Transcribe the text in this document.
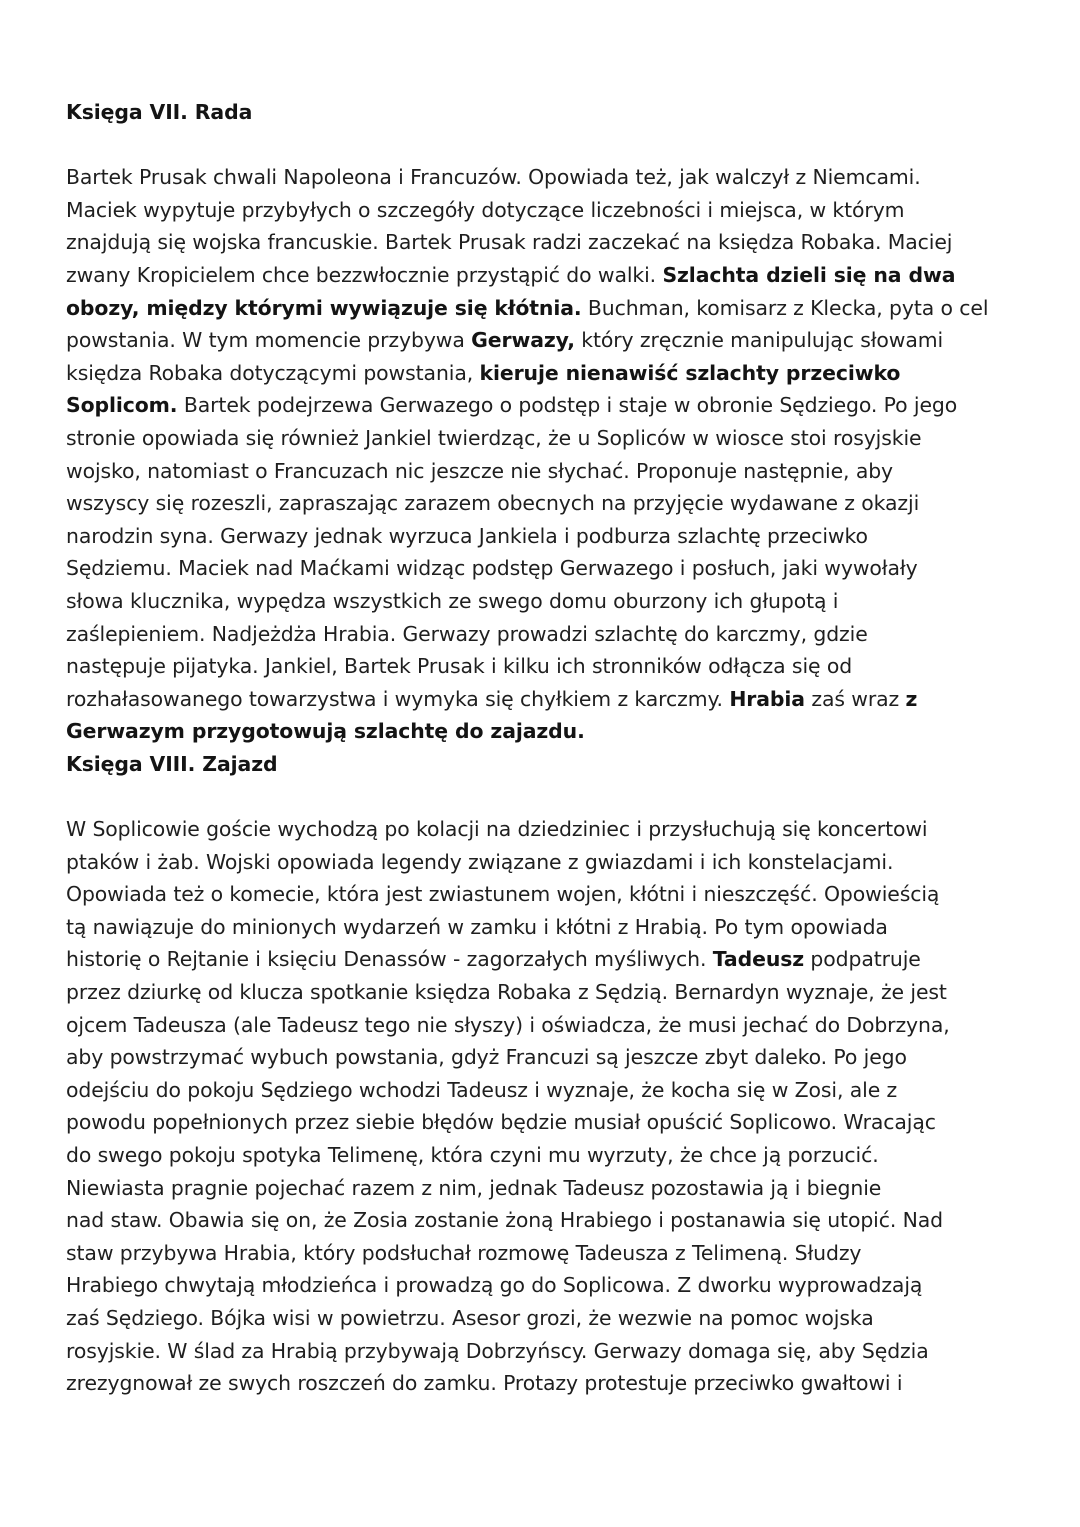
Księga VII. Rada

Bartek Prusak chwali Napoleona i Francuzów. Opowiada też, jak walczył z Niemcami.

Maciek wypytuje przybyłych o szczegóły dotyczące liczebności i miejsca, w którym

znajdują się wojska francuskie. Bartek Prusak radzi zaczekać na księdza Robaka. Maciej

zwany Kropicielem chce bezzwłocznie przystąpić do walki. Szlachta dzieli się na dwa

obozy, między którymi wywiązuje się kłótnia. Buchman, komisarz z Klecka, pyta o cel

powstania. W tym momencie przybywa Gerwazy, który zręcznie manipulując słowami

księdza Robaka dotyczącymi powstania, kieruje nienawiść szlachty przeciwko

Soplicom. Bartek podejrzewa Gerwazego o podstęp i staje w obronie Sędziego. Po jego

stronie opowiada się również Jankiel twierdząc, że u Sopliców w wiosce stoi rosyjskie

wojsko, natomiast o Francuzach nic jeszcze nie słychać. Proponuje następnie, aby

wszyscy się rozeszli, zapraszając zarazem obecnych na przyjęcie wydawane z okazji

narodzin syna. Gerwazy jednak wyrzuca Jankiela i podburza szlachtę przeciwko

Sędziemu. Maciek nad Maćkami widząc podstęp Gerwazego i posłuch, jaki wywołały

słowa klucznika, wypędza wszystkich ze swego domu oburzony ich głupotą i

zaślepieniem. Nadjeżdża Hrabia. Gerwazy prowadzi szlachtę do karczmy, gdzie

następuje pijatyka. Jankiel, Bartek Prusak i kilku ich stronników odłącza się od

rozhałasowanego towarzystwa i wymyka się chyłkiem z karczmy. Hrabia zaś wraz z

Gerwazym przygotowują szlachtę do zajazdu.

Księga VIII. Zajazd

W Soplicowie goście wychodzą po kolacji na dziedziniec i przysłuchują się koncertowi

ptaków i żab. Wojski opowiada legendy związane z gwiazdami i ich konstelacjami.

Opowiada też o komecie, która jest zwiastunem wojen, kłótni i nieszczęść. Opowieścią

tą nawiązuje do minionych wydarzeń w zamku i kłótni z Hrabią. Po tym opowiada

historię o Rejtanie i księciu Denassów - zagorzałych myśliwych. Tadeusz podpatruje

przez dziurkę od klucza spotkanie księdza Robaka z Sędzią. Bernardyn wyznaje, że jest

ojcem Tadeusza (ale Tadeusz tego nie słyszy) i oświadcza, że musi jechać do Dobrzyna,

aby powstrzymać wybuch powstania, gdyż Francuzi są jeszcze zbyt daleko. Po jego

odejściu do pokoju Sędziego wchodzi Tadeusz i wyznaje, że kocha się w Zosi, ale z

powodu popełnionych przez siebie błędów będzie musiał opuścić Soplicowo. Wracając

do swego pokoju spotyka Telimenę, która czyni mu wyrzuty, że chce ją porzucić.

Niewiasta pragnie pojechać razem z nim, jednak Tadeusz pozostawia ją i biegnie

nad staw. Obawia się on, że Zosia zostanie żoną Hrabiego i postanawia się utopić. Nad

staw przybywa Hrabia, który podsłuchał rozmowę Tadeusza z Telimeną. Słudzy

Hrabiego chwytają młodzieńca i prowadzą go do Soplicowa. Z dworku wyprowadzają

zaś Sędziego. Bójka wisi w powietrzu. Asesor grozi, że wezwie na pomoc wojska

rosyjskie. W ślad za Hrabią przybywają Dobrzyńscy. Gerwazy domaga się, aby Sędzia

zrezygnował ze swych roszczeń do zamku. Protazy protestuje przeciwko gwałtowi i
